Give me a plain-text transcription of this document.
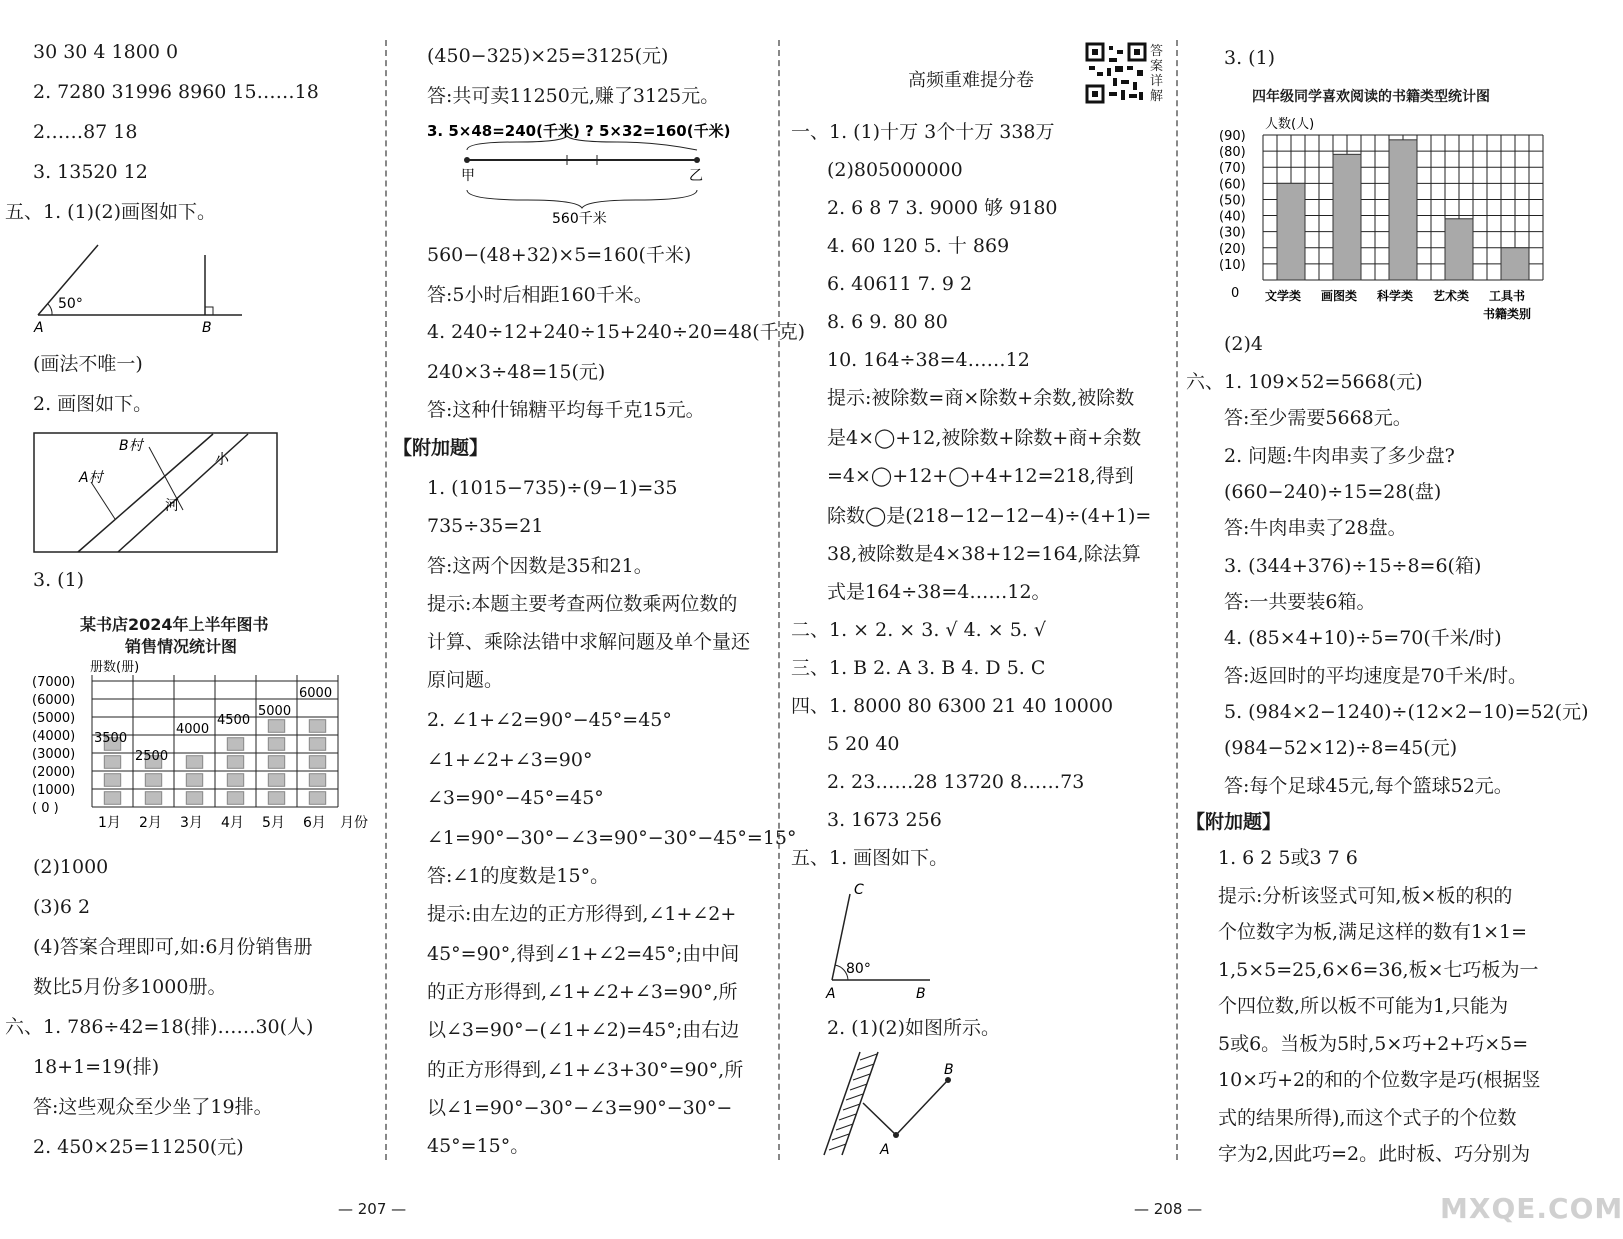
30 30 4 1800 0
2. 7280 31996 8960 15……18
2……87 18
3. 13520 12
五、1. (1)(2)画图如下。
50°
A	B
(画法不唯一)
2. 画图如下。
B村
A村
小
河
3. (1)
某书店2024年上半年图书
销售情况统计图
册数(册)
(7000)
(6000)
(5000)
(4000)
(3000)
(2000)
(1000)
( 0 )
1月 2月 3月 4月 5月 6月 月份
3500
2500
4000
4500
5000
6000
(2)1000
(3)6 2
(4)答案合理即可,如:6月份销售册
数比5月份多1000册。
六、1. 786÷42=18(排)……30(人)
18+1=19(排)
答:这些观众至少坐了19排。
2. 450×25=11250(元)
(450−325)×25=3125(元)
答:共可卖11250元,赚了3125元。
3. 5×48=240(千米) ? 5×32=160(千米)
甲	乙
560千米
560−(48+32)×5=160(千米)
答:5小时后相距160千米。
4. 240÷12+240÷15+240÷20=48(千克)
240×3÷48=15(元)
答:这种什锦糖平均每千克15元。
【附加题】
1. (1015−735)÷(9−1)=35
735÷35=21
答:这两个因数是35和21。
提示:本题主要考查两位数乘两位数的
计算、乘除法错中求解问题及单个量还
原问题。
2. ∠1+∠2=90°−45°=45°
∠1+∠2+∠3=90°
∠3=90°−45°=45°
∠1=90°−30°−∠3=90°−30°−45°=15°
答:∠1的度数是15°。
提示:由左边的正方形得到,∠1+∠2+
45°=90°,得到∠1+∠2=45°;由中间
的正方形得到,∠1+∠2+∠3=90°,所
以∠3=90°−(∠1+∠2)=45°;由右边
的正方形得到,∠1+∠3+30°=90°,所
以∠1=90°−30°−∠3=90°−30°−
45°=15°。
— 207 —
高频重难提分卷
答案详解
一、1. (1)十万 3个十万 338万
(2)805000000
2. 6 8 7 3. 9000 够 9180
4. 60 120 5. 十 869
6. 40611 7. 9 2
8. 6 9. 80 80
10. 164÷38=4……12
提示:被除数=商×除数+余数,被除数
是4×◯+12,被除数+除数+商+余数
=4×◯+12+◯+4+12=218,得到
除数◯是(218−12−12−4)÷(4+1)=
38,被除数是4×38+12=164,除法算
式是164÷38=4……12。
二、1. × 2. × 3. √ 4. × 5. √
三、1. B 2. A 3. B 4. D 5. C
四、1. 8000 80 6300 21 40 10000
5 20 40
2. 23……28 13720 8……73
3. 1673 256
五、1. 画图如下。
C
80°
A	B
2. (1)(2)如图所示。
A
B
3. (1)
四年级同学喜欢阅读的书籍类型统计图
人数(人)
(90)
(80)
(70)
(60)
(50)
(40)
(30)
(20)
(10)
0 文学类 画图类 科学类 艺术类 工具书
书籍类别
(2)4
六、1. 109×52=5668(元)
答:至少需要5668元。
2. 问题:牛肉串卖了多少盘?
(660−240)÷15=28(盘)
答:牛肉串卖了28盘。
3. (344+376)÷15÷8=6(箱)
答:一共要装6箱。
4. (85×4+10)÷5=70(千米/时)
答:返回时的平均速度是70千米/时。
5. (984×2−1240)÷(12×2−10)=52(元)
(984−52×12)÷8=45(元)
答:每个足球45元,每个篮球52元。
【附加题】
1. 6 2 5或3 7 6
提示:分析该竖式可知,板×板的积的
个位数字为板,满足这样的数有1×1=
1,5×5=25,6×6=36,板×七巧板为一
个四位数,所以板不可能为1,只能为
5或6。当板为5时,5×巧+2+巧×5=
10×巧+2的和的个位数字是巧(根据竖
式的结果所得),而这个式子的个位数
字为2,因此巧=2。此时板、巧分别为
— 208 —	MXQE.COM
